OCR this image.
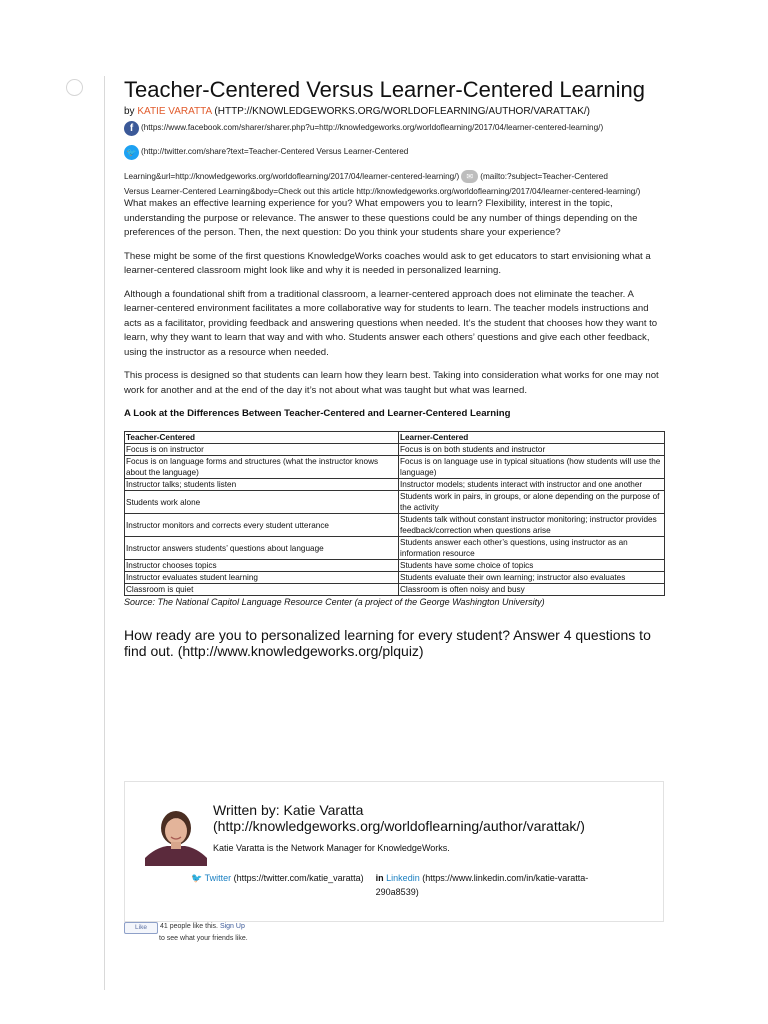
Teacher-Centered Versus Learner-Centered Learning
by KATIE VARATTA (HTTP://KNOWLEDGEWORKS.ORG/WORLDOFLEARNING/AUTHOR/VARATTAK/)
f (https://www.facebook.com/sharer/sharer.php?u=http://knowledgeworks.org/worldoflearning/2017/04/learner-centered-learning/)
🐦 (http://twitter.com/share?text=Teacher-Centered Versus Learner-Centered
Learning&url=http://knowledgeworks.org/worldoflearning/2017/04/learner-centered-learning/) ✉ (mailto:?subject=Teacher-Centered
Versus Learner-Centered Learning&body=Check out this article http://knowledgeworks.org/worldoflearning/2017/04/learner-centered-learning/)

What makes an effective learning experience for you? What empowers you to learn? Flexibility, interest in the topic, understanding the purpose or relevance. The answer to these questions could be any number of things depending on the preferences of the person. Then, the next question: Do you think your students share your experience?

These might be some of the first questions KnowledgeWorks coaches would ask to get educators to start envisioning what a learner-centered classroom might look like and why it is needed in personalized learning.

Although a foundational shift from a traditional classroom, a learner-centered approach does not eliminate the teacher. A learner-centered environment facilitates a more collaborative way for students to learn. The teacher models instructions and acts as a facilitator, providing feedback and answering questions when needed. It’s the student that chooses how they want to learn, why they want to learn that way and with who. Students answer each others’ questions and give each other feedback, using the instructor as a resource when needed.

This process is designed so that students can learn how they learn best. Taking into consideration what works for one may not work for another and at the end of the day it’s not about what was taught but what was learned.

A Look at the Differences Between Teacher-Centered and Learner-Centered Learning
Teacher-Centered	Learner-Centered
Focus is on instructor	Focus is on both students and instructor
Focus is on language forms and structures (what the instructor knows about the language)	Focus is on language use in typical situations (how students will use the language)
Instructor talks; students listen	Instructor models; students interact with instructor and one another
Students work alone	Students work in pairs, in groups, or alone depending on the purpose of the activity
Instructor monitors and corrects every student utterance	Students talk without constant instructor monitoring; instructor provides feedback/correction when questions arise
Instructor answers students’ questions about language	Students answer each other’s questions, using instructor as an information resource
Instructor chooses topics	Students have some choice of topics
Instructor evaluates student learning	Students evaluate their own learning; instructor also evaluates
Classroom is quiet	Classroom is often noisy and busy
Source: The National Capitol Language Resource Center (a project of the George Washington University)
How ready are you to personalized learning for every student? Answer 4 questions to find out. (http://www.knowledgeworks.org/plquiz)
Written by: Katie Varatta
(http://knowledgeworks.org/worldoflearning/author/varattak/)
Katie Varatta is the Network Manager for KnowledgeWorks.
🐦 Twitter (https://twitter.com/katie_varatta) in Linkedin (https://www.linkedin.com/in/katie-varatta-290a8539)
Like 41 people like this. Sign Up
to see what your friends like.
